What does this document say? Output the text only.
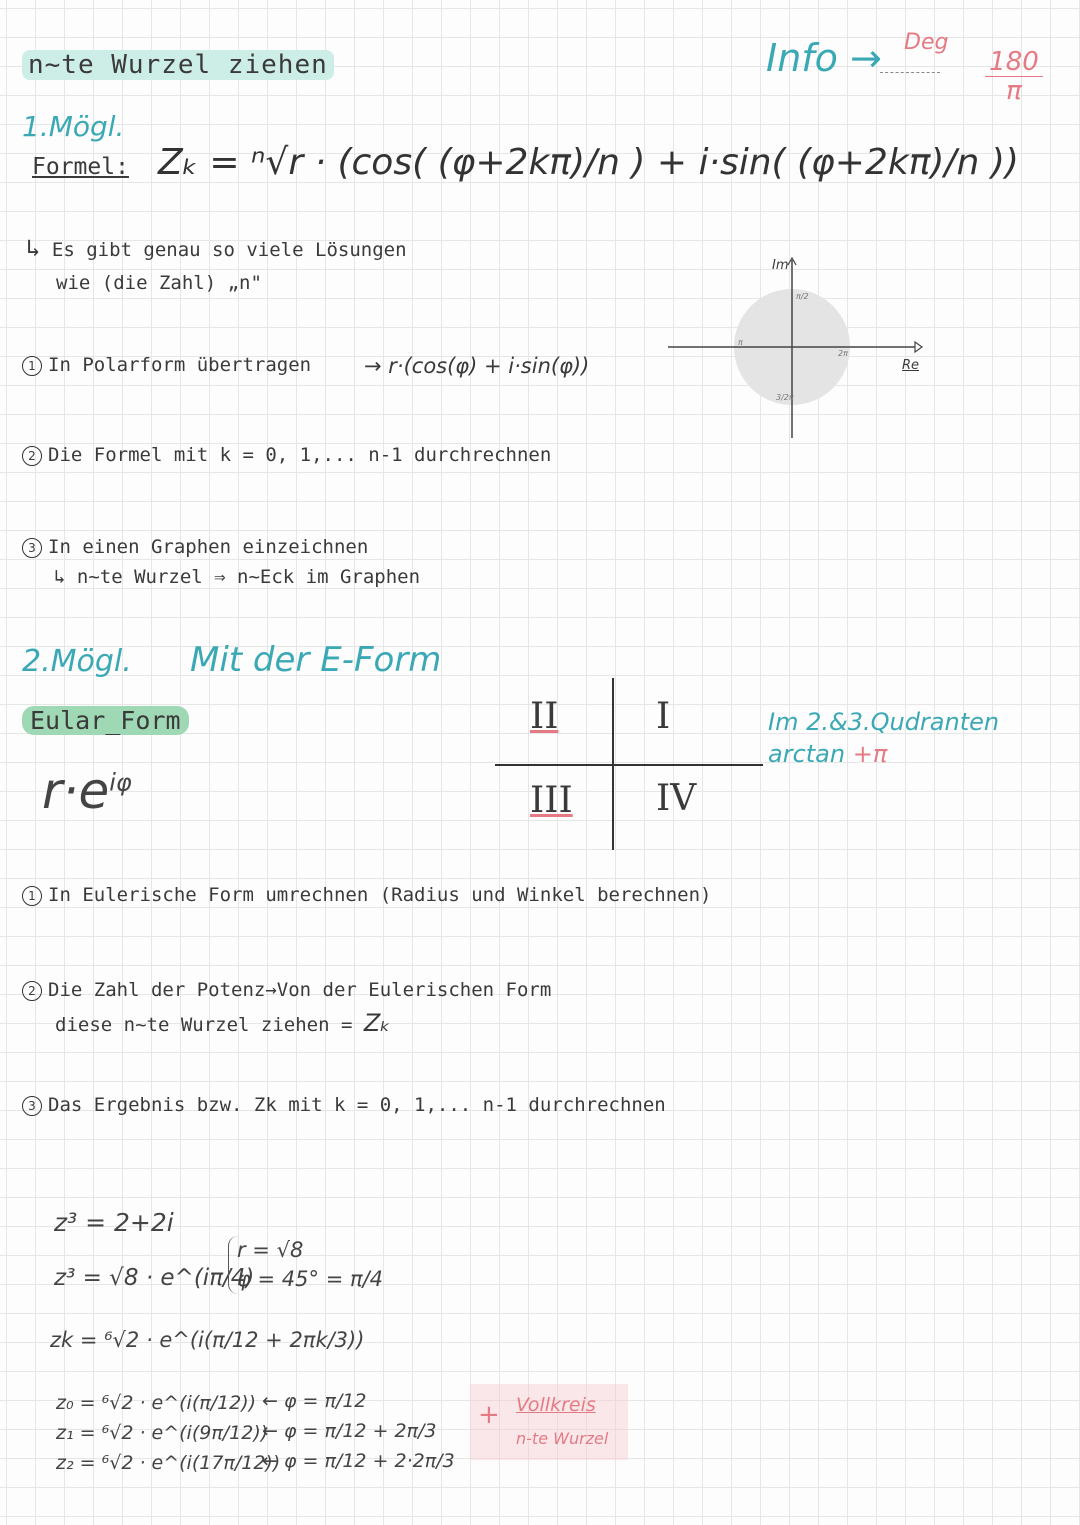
n~te Wurzel ziehen	Info → Deg
180
π
1.Mögl.
Formel: Zₖ = ⁿ√r · (cos( (φ+2kπ)/n ) + i·sin( (φ+2kπ)/n ))
↳ Es gibt genau so viele Lösungen
wie (die Zahl) „n"
1 In Polarform übertragen	→ r·(cos(φ) + i·sin(φ))
2 Die Formel mit k = 0, 1,... n-1 durchrechnen
3 In einen Graphen einzeichnen
↳ n~te Wurzel ⇒ n~Eck im Graphen
Im
Re
π/2
π
2π
3/2π
2.Mögl. Mit der E-Form
Eular_Form
$r\cdot e^{i\varphi}$
II	I
III IV
Im 2.&3.Qudranten
arctan +π
1 In Eulerische Form umrechnen (Radius und Winkel berechnen)
2 Die Zahl der Potenz→Von der Eulerischen Form
diese n~te Wurzel ziehen = Zₖ
3 Das Ergebnis bzw. Zk mit k = 0, 1,... n-1 durchrechnen
z³ = 2+2i
z³ = √8 · e^(iπ/4)
r = √8
φ = 45° = π/4
zk = ⁶√2 · e^(i(π/12 + 2πk/3))
z₀ = ⁶√2 · e^(i(π/12))
z₁ = ⁶√2 · e^(i(9π/12))
z₂ = ⁶√2 · e^(i(17π/12))
← φ = π/12
← φ = π/12 + 2π/3
← φ = π/12 + 2·2π/3
+ Vollkreis
n-te Wurzel
